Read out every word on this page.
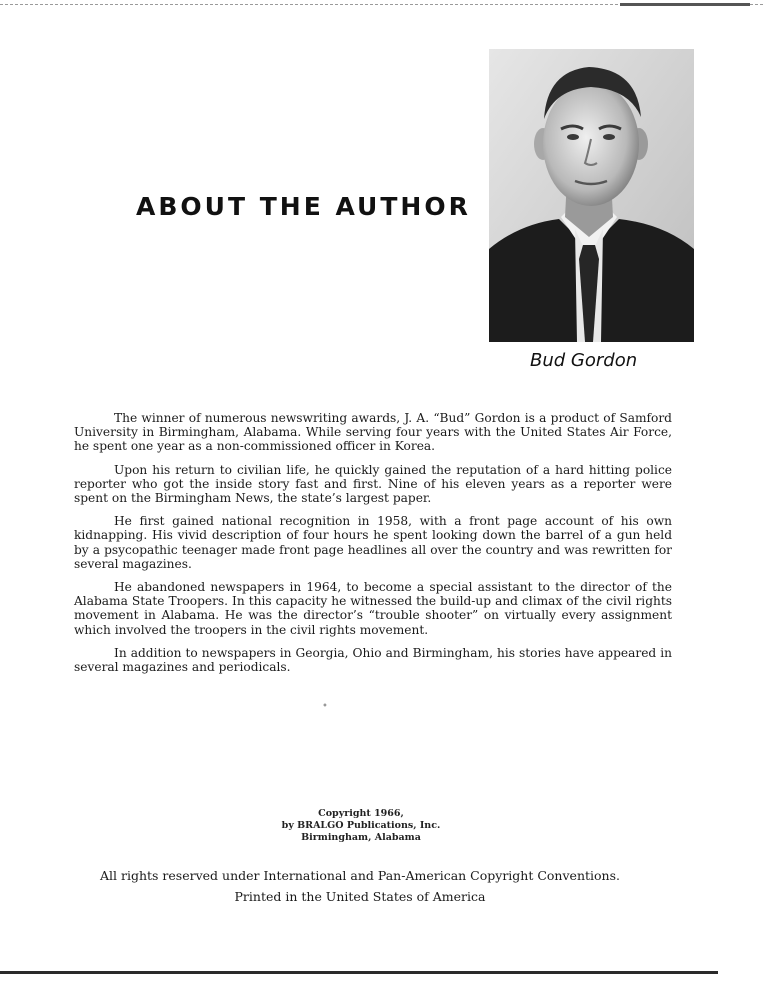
ABOUT THE AUTHOR
Bud Gordon

The winner of numerous newswriting awards, J. A. “Bud” Gordon is a product of Samford University in Birmingham, Alabama. While serving four years with the United States Air Force, he spent one year as a non-commissioned officer in Korea.

Upon his return to civilian life, he quickly gained the reputation of a hard hitting police reporter who got the inside story fast and first. Nine of his eleven years as a reporter were spent on the Birmingham News, the state’s largest paper.

He first gained national recognition in 1958, with a front page account of his own kidnapping. His vivid description of four hours he spent looking down the barrel of a gun held by a psycopathic teenager made front page headlines all over the country and was rewritten for several magazines.

He abandoned newspapers in 1964, to become a special assistant to the director of the Alabama State Troopers. In this capacity he witnessed the build-up and climax of the civil rights movement in Alabama. He was the director’s “trouble shooter” on virtually every assignment which involved the troopers in the civil rights movement.

In addition to newspapers in Georgia, Ohio and Birmingham, his stories have appeared in several magazines and periodicals.

•
Copyright 1966,
by BRALGO Publications, Inc.
Birmingham, Alabama
All rights reserved under International and Pan-American Copyright Conventions.
Printed in the United States of America
